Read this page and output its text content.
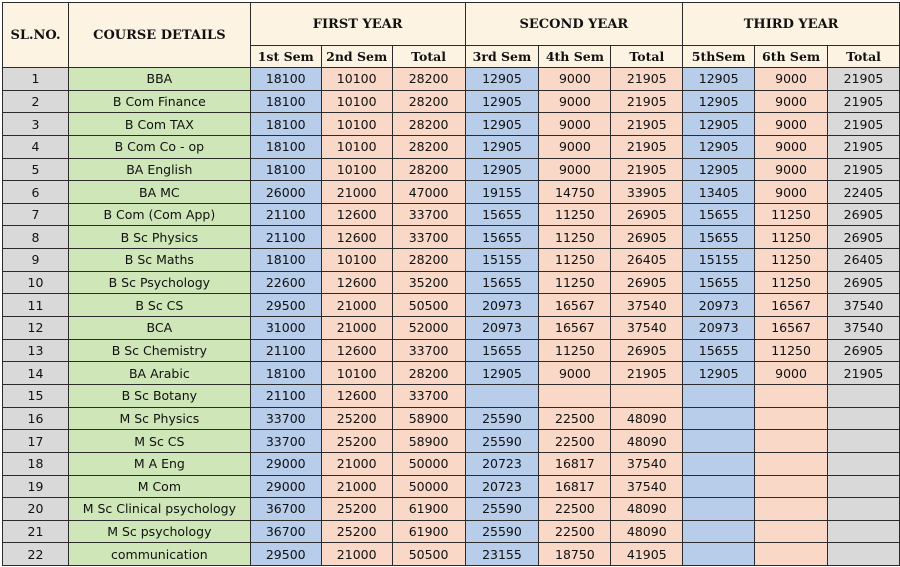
SL.NO.	COURSE DETAILS	FIRST YEAR			SECOND YEAR			THIRD YEAR		
		1st Sem	2nd Sem	Total	3rd Sem	4th Sem	Total	5thSem	6th Sem	Total
1	BBA	18100	10100	28200	12905	9000	21905	12905	9000	21905
2	B Com Finance	18100	10100	28200	12905	9000	21905	12905	9000	21905
3	B Com TAX	18100	10100	28200	12905	9000	21905	12905	9000	21905
4	B Com Co - op	18100	10100	28200	12905	9000	21905	12905	9000	21905
5	BA English	18100	10100	28200	12905	9000	21905	12905	9000	21905
6	BA MC	26000	21000	47000	19155	14750	33905	13405	9000	22405
7	B Com (Com App)	21100	12600	33700	15655	11250	26905	15655	11250	26905
8	B Sc Physics	21100	12600	33700	15655	11250	26905	15655	11250	26905
9	B Sc Maths	18100	10100	28200	15155	11250	26405	15155	11250	26405
10	B Sc Psychology	22600	12600	35200	15655	11250	26905	15655	11250	26905
11	B Sc CS	29500	21000	50500	20973	16567	37540	20973	16567	37540
12	BCA	31000	21000	52000	20973	16567	37540	20973	16567	37540
13	B Sc Chemistry	21100	12600	33700	15655	11250	26905	15655	11250	26905
14	BA Arabic	18100	10100	28200	12905	9000	21905	12905	9000	21905
15	B Sc Botany	21100	12600	33700						
16	M Sc Physics	33700	25200	58900	25590	22500	48090			
17	M Sc CS	33700	25200	58900	25590	22500	48090			
18	M A Eng	29000	21000	50000	20723	16817	37540			
19	M Com	29000	21000	50000	20723	16817	37540			
20	M Sc Clinical psychology	36700	25200	61900	25590	22500	48090			
21	M Sc psychology	36700	25200	61900	25590	22500	48090			
22	communication	29500	21000	50500	23155	18750	41905			
